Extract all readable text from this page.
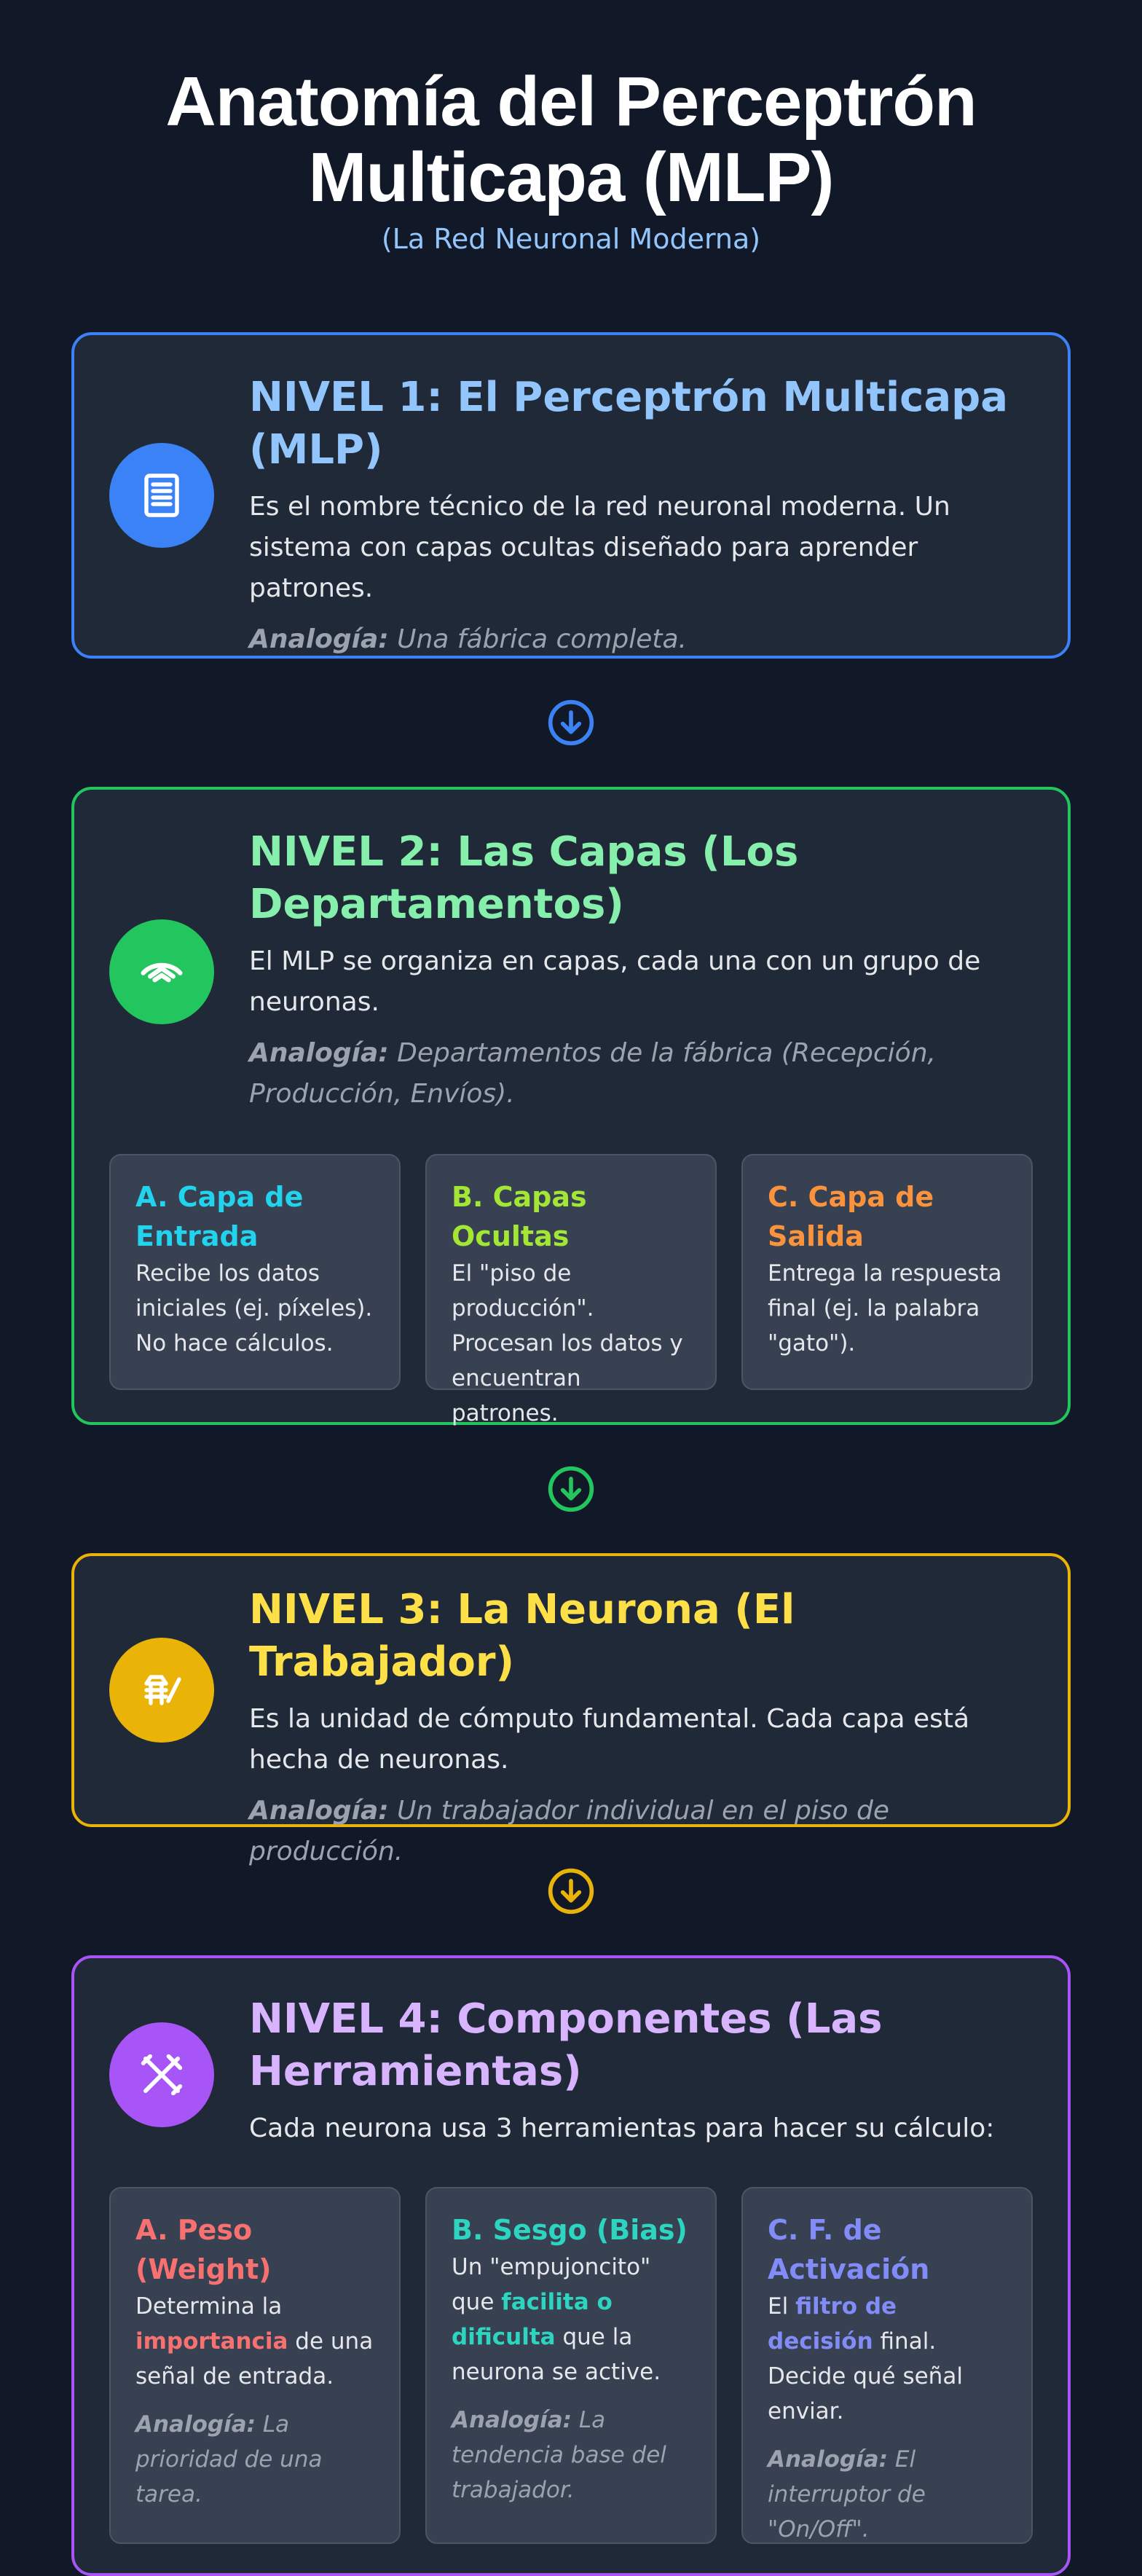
Anatomía del Perceptrón
Multicapa (MLP)
(La Red Neuronal Moderna)
NIVEL 1: El Perceptrón Multicapa (MLP)

Es el nombre técnico de la red neuronal moderna. Un sistema con capas ocultas diseñado para aprender patrones.

Analogía: Una fábrica completa.

NIVEL 2: Las Capas (Los Departamentos)

El MLP se organiza en capas, cada una con un grupo de neuronas.

Analogía: Departamentos de la fábrica (Recepción, Producción, Envíos).

A. Capa de Entrada
Recibe los datos iniciales (ej. píxeles). No hace cálculos.
B. Capas Ocultas
El "piso de producción". Procesan los datos y encuentran patrones.
C. Capa de Salida
Entrega la respuesta final (ej. la palabra "gato").
NIVEL 3: La Neurona (El Trabajador)

Es la unidad de cómputo fundamental. Cada capa está hecha de neuronas.

Analogía: Un trabajador individual en el piso de producción.

NIVEL 4: Componentes (Las Herramientas)

Cada neurona usa 3 herramientas para hacer su cálculo:

A. Peso (Weight)
Determina la importancia de una señal de entrada.
Analogía: La prioridad de una tarea.
B. Sesgo (Bias)
Un "empujoncito" que facilita o dificulta que la neurona se active.
Analogía: La tendencia base del trabajador.
C. F. de Activación
El filtro de decisión final. Decide qué señal enviar.
Analogía: El interruptor de "On/Off".
